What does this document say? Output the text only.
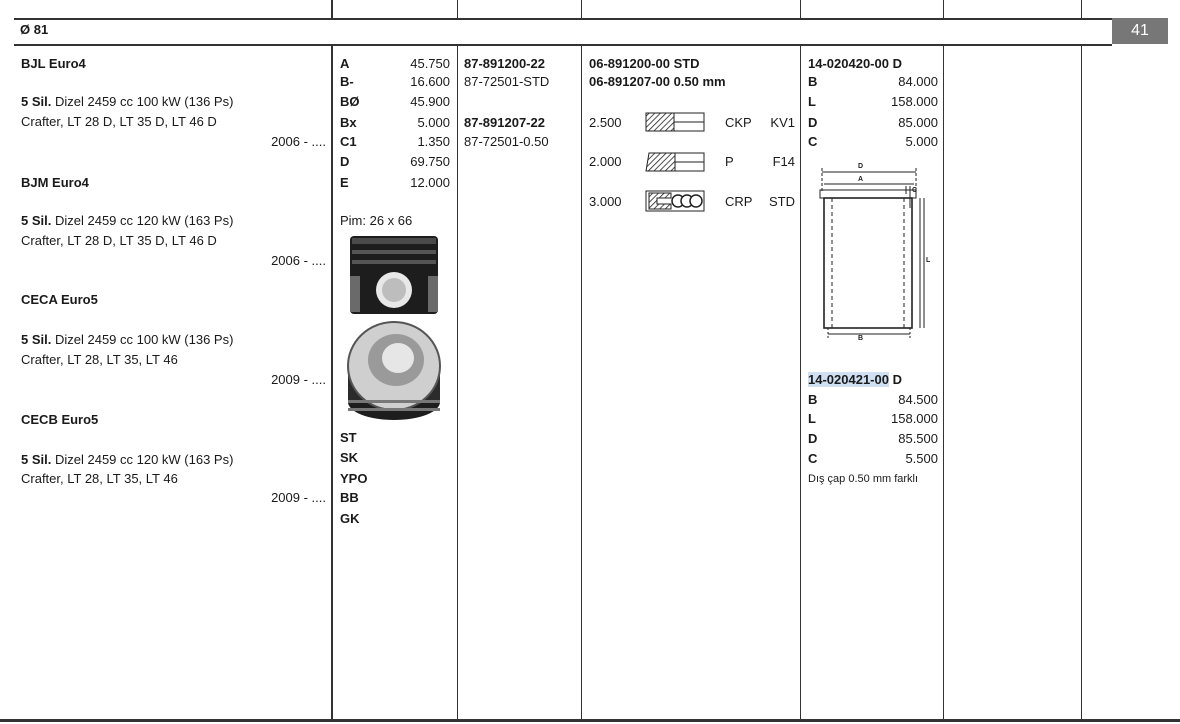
Ø 81	41
BJL Euro4
5 Sil. Dizel 2459 cc 100 kW (136 Ps)
Crafter, LT 28 D, LT 35 D, LT 46 D
2006 - ....
BJM Euro4
5 Sil. Dizel 2459 cc 120 kW (163 Ps)
Crafter, LT 28 D, LT 35 D, LT 46 D
2006 - ....
CECA Euro5
5 Sil. Dizel 2459 cc 100 kW (136 Ps)
Crafter, LT 28, LT 35, LT 46
2009 - ....
CECB Euro5
5 Sil. Dizel 2459 cc 120 kW (163 Ps)
Crafter, LT 28, LT 35, LT 46
2009 - ....
A	45.750
B-	16.600
BØ	45.900
Bx	5.000
C1	1.350
D	69.750
E	12.000
Pim: 26 x 66
ST
SK
YPO
BB
GK
87-891200-22
87-72501-STD
87-891207-22
87-72501-0.50
06-891200-00 STD
06-891207-00 0.50 mm
2.500	CKP	KV1
2.000	P	F14
3.000	CRP	STD
14-020420-00 D
B	84.000
L	158.000
D	85.000
C	5.000
D
A
C
L
B
14-020421-00 D
B	84.500
L	158.000
D	85.500
C	5.500
Dış çap 0.50 mm farklı
